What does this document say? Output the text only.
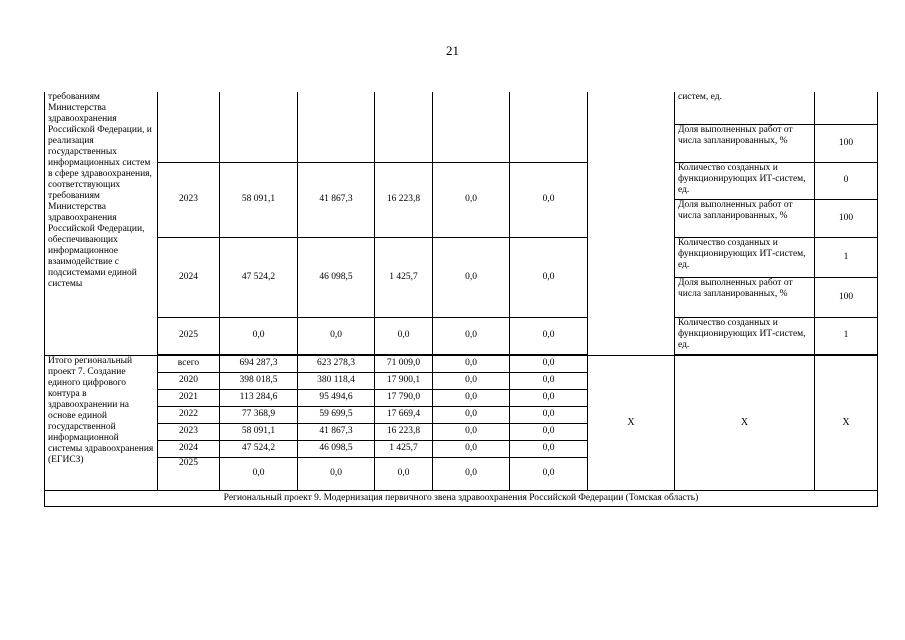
21
требованиям Министерства здравоохранения Российской Федерации, и реализация государственных информационных систем в сфере здравоохранения, соответствующих требованиям Министерства здравоохранения Российской Федерации, обеспечивающих информационное взаимодействие с подсистемами единой системы								систем, ед.	
								Доля выполненных работ от числа запланированных, %	100
	2023	58 091,1	41 867,3	16 223,8	0,0	0,0		Количество созданных и функционирующих ИТ-систем, ед.	0
								Доля выполненных работ от числа запланированных, %	100
	2024	47 524,2	46 098,5	1 425,7	0,0	0,0		Количество созданных и функционирующих ИТ-систем, ед.	1
								Доля выполненных работ от числа запланированных, %	100
	2025	0,0	0,0	0,0	0,0	0,0		Количество созданных и функционирующих ИТ-систем, ед.	1

Итого региональный проект 7. Создание единого цифрового контура в здравоохранении на основе единой государственной информационной системы здравоохранения (ЕГИСЗ)	всего	694 287,3	623 278,3	71 009,0	0,0	0,0	X	X	X
	2020	398 018,5	380 118,4	17 900,1	0,0	0,0			
	2021	113 284,6	95 494,6	17 790,0	0,0	0,0			
	2022	77 368,9	59 699,5	17 669,4	0,0	0,0			
	2023	58 091,1	41 867,3	16 223,8	0,0	0,0			
	2024	47 524,2	46 098,5	1 425,7	0,0	0,0			
	2025	0,0	0,0	0,0	0,0	0,0			
Региональный проект 9. Модернизация первичного звена здравоохранения Российской Федерации (Томская область)									
